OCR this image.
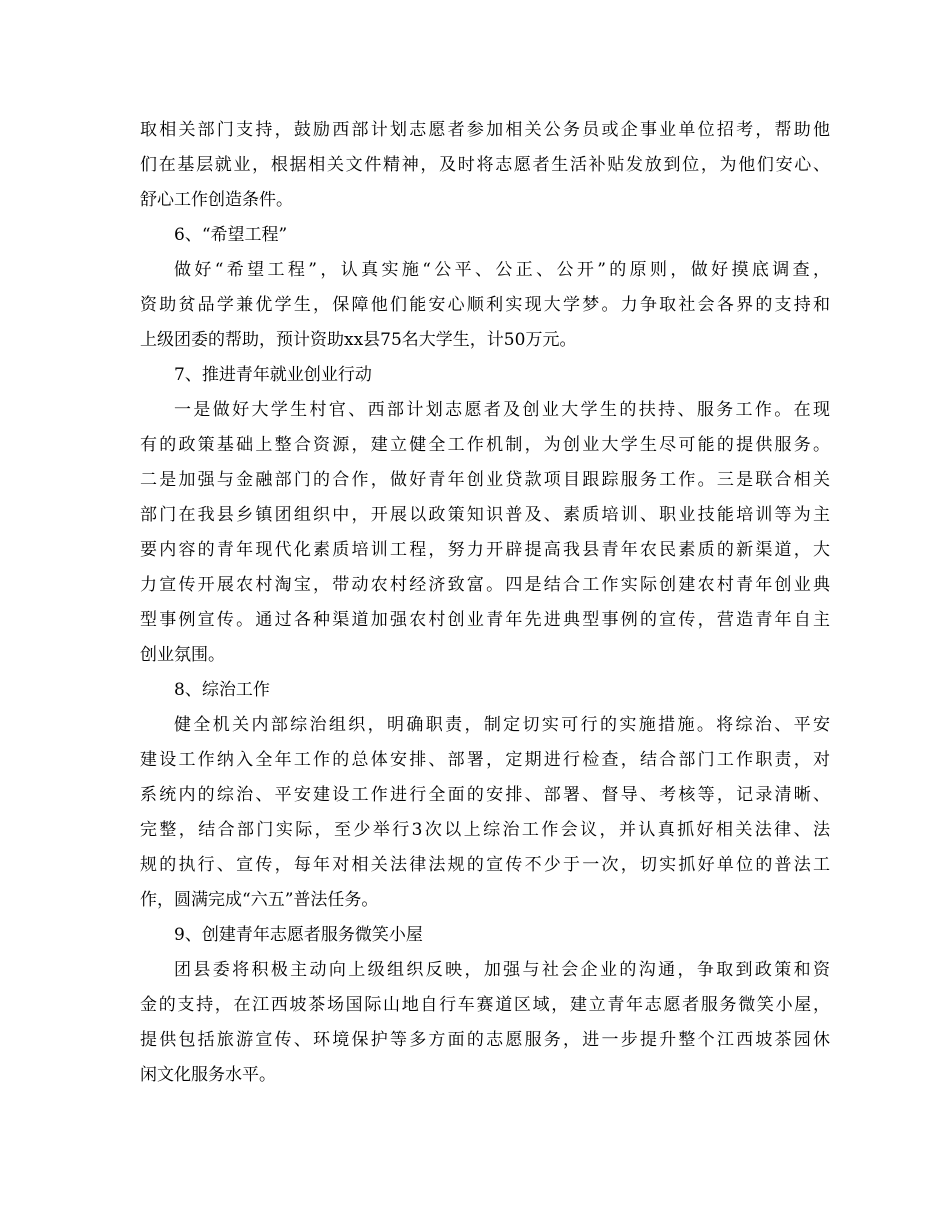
取相关部门支持，鼓励西部计划志愿者参加相关公务员或企事业单位招考，帮助他
们在基层就业，根据相关文件精神，及时将志愿者生活补贴发放到位，为他们安心、
舒心工作创造条件。
6、“希望工程”
做好“希望工程”，认真实施“公平、公正、公开”的原则，做好摸底调查，
资助贫品学兼优学生，保障他们能安心顺利实现大学梦。力争取社会各界的支持和
上级团委的帮助，预计资助xx县75名大学生，计50万元。
7、推进青年就业创业行动
一是做好大学生村官、西部计划志愿者及创业大学生的扶持、服务工作。在现
有的政策基础上整合资源，建立健全工作机制，为创业大学生尽可能的提供服务。
二是加强与金融部门的合作，做好青年创业贷款项目跟踪服务工作。三是联合相关
部门在我县乡镇团组织中，开展以政策知识普及、素质培训、职业技能培训等为主
要内容的青年现代化素质培训工程，努力开辟提高我县青年农民素质的新渠道，大
力宣传开展农村淘宝，带动农村经济致富。四是结合工作实际创建农村青年创业典
型事例宣传。通过各种渠道加强农村创业青年先进典型事例的宣传，营造青年自主
创业氛围。
8、综治工作
健全机关内部综治组织，明确职责，制定切实可行的实施措施。将综治、平安
建设工作纳入全年工作的总体安排、部署，定期进行检查，结合部门工作职责，对
系统内的综治、平安建设工作进行全面的安排、部署、督导、考核等，记录清晰、
完整，结合部门实际，至少举行3次以上综治工作会议，并认真抓好相关法律、法
规的执行、宣传，每年对相关法律法规的宣传不少于一次，切实抓好单位的普法工
作，圆满完成“六五”普法任务。
9、创建青年志愿者服务微笑小屋
团县委将积极主动向上级组织反映，加强与社会企业的沟通，争取到政策和资
金的支持，在江西坡茶场国际山地自行车赛道区域，建立青年志愿者服务微笑小屋，
提供包括旅游宣传、环境保护等多方面的志愿服务，进一步提升整个江西坡茶园休
闲文化服务水平。
